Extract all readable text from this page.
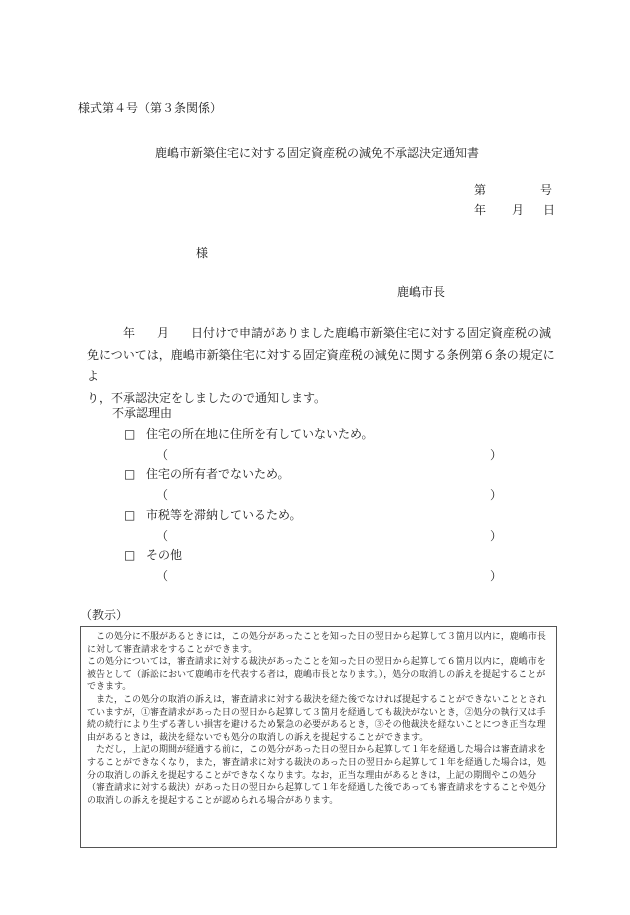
様式第４号（第３条関係）
鹿嶋市新築住宅に対する固定資産税の減免不承認決定通知書
第	号
年 月 日
様
鹿嶋市長
年 月 日付けで申請がありました鹿嶋市新築住宅に対する固定資産税の減
免については，鹿嶋市新築住宅に対する固定資産税の減免に関する条例第６条の規定によ
り，不承認決定をしましたので通知します。
不承認理由
□ 住宅の所在地に住所を有していないため。
（	）
□ 住宅の所有者でないため。
（	）
□ 市税等を滞納しているため。
（	）
□ その他
（	）
（教示）

この処分に不服があるときには，この処分があったことを知った日の翌日から起算して３箇月以内に，鹿嶋市長に対して審査請求をすることができます。

この処分については，審査請求に対する裁決があったことを知った日の翌日から起算して６箇月以内に，鹿嶋市を被告として（訴訟において鹿嶋市を代表する者は，鹿嶋市長となります。），処分の取消しの訴えを提起することができます。

また，この処分の取消の訴えは，審査請求に対する裁決を経た後でなければ提起することができないこととされていますが，①審査請求があった日の翌日から起算して３箇月を経過しても裁決がないとき，②処分の執行又は手続の続行により生ずる著しい損害を避けるため緊急の必要があるとき，③その他裁決を経ないことにつき正当な理由があるときは，裁決を経ないでも処分の取消しの訴えを提起することができます。

ただし，上記の期間が経過する前に，この処分があった日の翌日から起算して１年を経過した場合は審査請求をすることができなくなり，また，審査請求に対する裁決のあった日の翌日から起算して１年を経過した場合は，処分の取消しの訴えを提起することができなくなります。なお，正当な理由があるときは，上記の期間やこの処分（審査請求に対する裁決）があった日の翌日から起算して１年を経過した後であっても審査請求をすることや処分の取消しの訴えを提起することが認められる場合があります。
